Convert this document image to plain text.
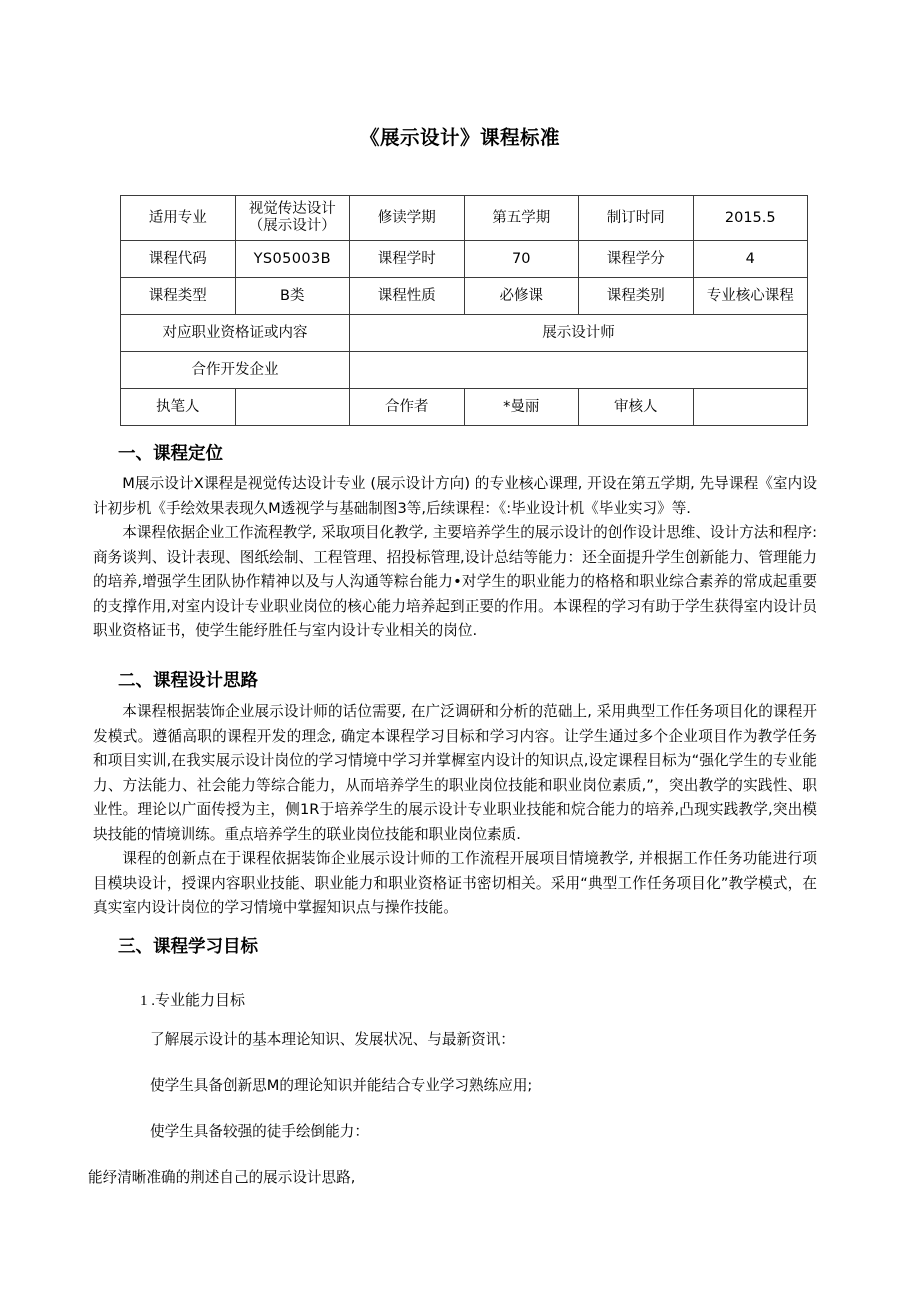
《展示设计》课程标准
适用专业	视觉传达设计（展示设计）	修读学期	第五学期	制订时同	2015.5
课程代码	YS05003B	课程学时	70	课程学分	4
课程类型	B类	课程性质	必修课	课程类别	专业核心课程
对应职业资格证或内容		展示设计师			
合作开发企业					
执笔人		合作者	*曼丽	审核人	
一、课程定位

M展示设计X课程是视觉传达设计专业 (展示设计方向) 的专业核心课理, 开设在第五学期, 先导课程《室内设计初步机《手绘效果表现久M透视学与基础制图3等,后续课程：《:毕业设计机《毕业实习》等.

本课程依据企业工作流程教学, 采取项目化教学, 主要培养学生的展示设计的创作设计思维、设计方法和程序:商务谈判、设计表现、图纸绘制、工程管理、招投标管理,设计总结等能力：还全面提升学生创新能力、管理能力的培养,增强学生团队协作精神以及与人沟通等粽台能力•对学生的职业能力的格格和职业综合素养的常成起重要的支撑作用,对室内设计专业职业岗位的核心能力培养起到正要的作用。本课程的学习有助于学生获得室内设计员职业资格证书，使学生能纾胜任与室内设计专业相关的岗位.

二、课程设计思路

本课程根据装饰企业展示设计师的话位需要, 在广泛调研和分析的范础上, 采用典型工作任务项目化的课程开发模式。遵循高职的课程开发的理念, 确定本课程学习目标和学习内容。让学生通过多个企业项目作为教学任务和项目实训,在我实展示设计岗位的学习情境中学习并掌樨室内设计的知识点,设定课程目标为“强化学生的专业能力、方法能力、社会能力等综合能力，从而培养学生的职业岗位技能和职业岗位素质,”，突出教学的实践性、职业性。理论以广面传授为主，侧1R于培养学生的展示设计专业职业技能和烷合能力的培养,凸现实践教学,突出模块技能的情境训练。重点培养学生的联业岗位技能和职业岗位素质.

课程的创新点在于课程依据装饰企业展示设计师的工作流程开展项目情境教学, 并根据工作任务功能进行项目模块设计，授课内容职业技能、职业能力和职业资格证书密切相关。采用“典型工作任务项目化”教学模式，在真实室内设计岗位的学习情境中掌握知识点与操作技能。

三、课程学习目标
1 .专业能力目标
了解展示设计的基本理论知识、发展状况、与最新资讯：
使学生具备创新思M的理论知识并能结合专业学习熟练应用;
使学生具备较强的徒手绘倒能力：
能纾清晰准确的荆述自己的展示设计思路,
